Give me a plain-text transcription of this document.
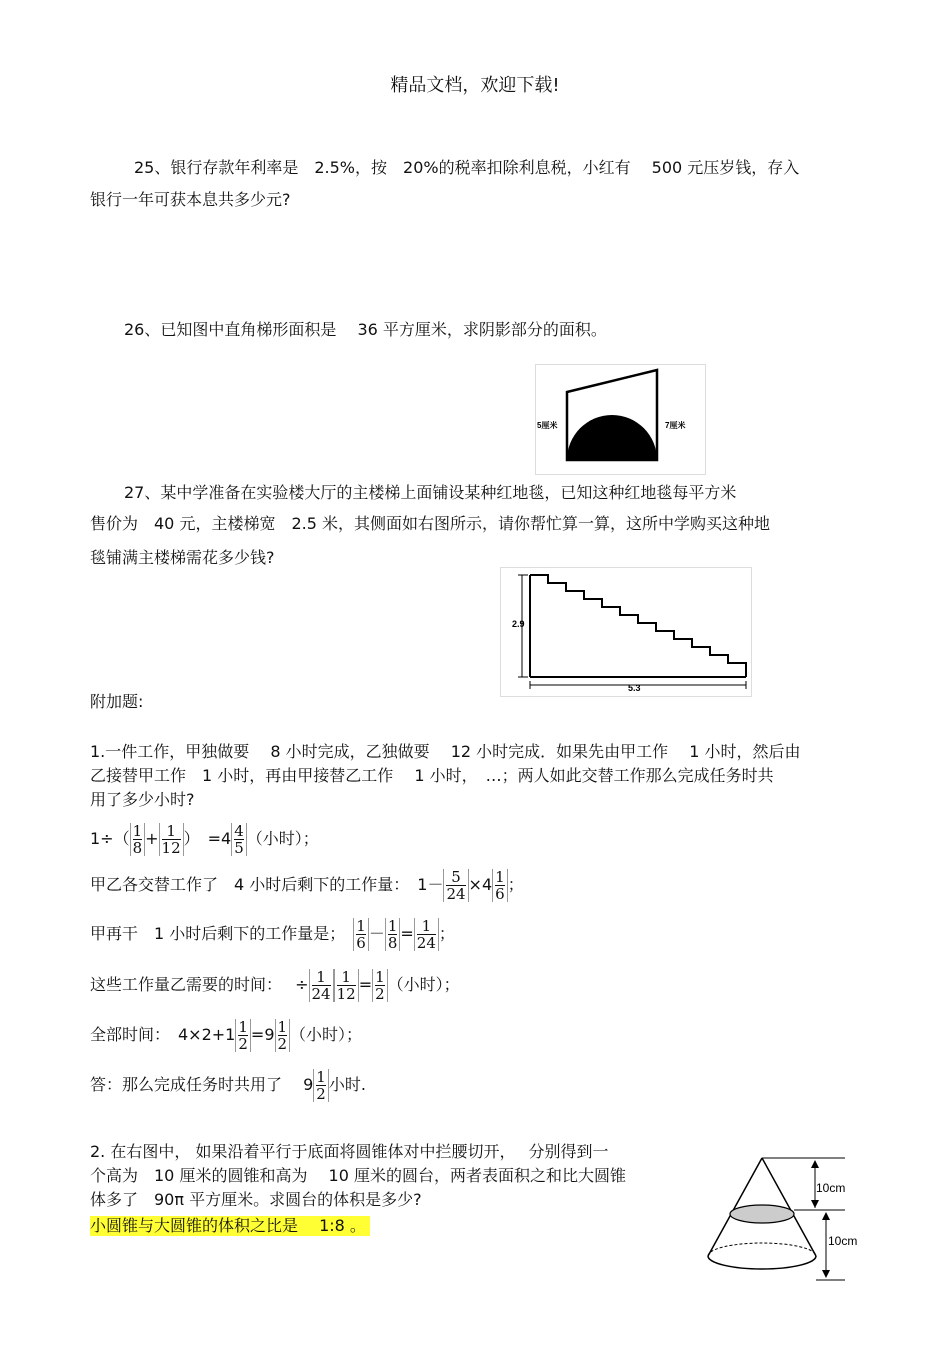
精品文档，欢迎下载!
25、银行存款年利率是　2.5%，按　20%的税率扣除利息税，小红有　 500 元压岁钱，存入
银行一年可获本息共多少元?
26、已知图中直角梯形面积是　 36 平方厘米，求阴影部分的面积。
5厘米	7厘米
27、某中学准备在实验楼大厅的主楼梯上面铺设某种红地毯，已知这种红地毯每平方米
售价为　40 元，主楼梯宽　2.5 米，其侧面如右图所示，请你帮忙算一算，这所中学购买这种地
毯铺满主楼梯需花多少钱?
2.9
5.3
附加题:
1.一件工作，甲独做要　 8 小时完成，乙独做要　 12 小时完成．如果先由甲工作　 1 小时，然后由
乙接替甲工作　1 小时，再由甲接替乙工作　 1 小时，　…；两人如此交替工作那么完成任务时共
用了多少小时?
$1\div( \frac{1}{8} + \frac{1}{12}$ ）　$=4 \frac{4}{5}$ （小时）；
甲乙各交替工作了　4 小时后剩下的工作量：　$1- \frac{5}{24} \times 4 \frac{1}{6}$ ；
甲再干　1 小时后剩下的工作量是；　 $\frac{1}{6} - \frac{1}{8} = \frac{1}{24}$ ；
这些工作量乙需要的时间：　 ÷ $\frac{1}{24} \frac{1}{12} = \frac{1}{2}$ （小时）；
全部时间：　$4\times 2+1 \frac{1}{2} =9 \frac{1}{2}$ （小时）；
答：那么完成任务时共用了　 $9 \frac{1}{2}$ 小时.
2. 在右图中， 如果沿着平行于底面将圆锥体对中拦腰切开，　 分别得到一
个高为　10 厘米的圆锥和高为　 10 厘米的圆台，两者表面积之和比大圆锥
体多了　90π 平方厘米。求圆台的体积是多少?
小圆锥与大圆锥的体积之比是　 1:8 。
10cm
10cm
